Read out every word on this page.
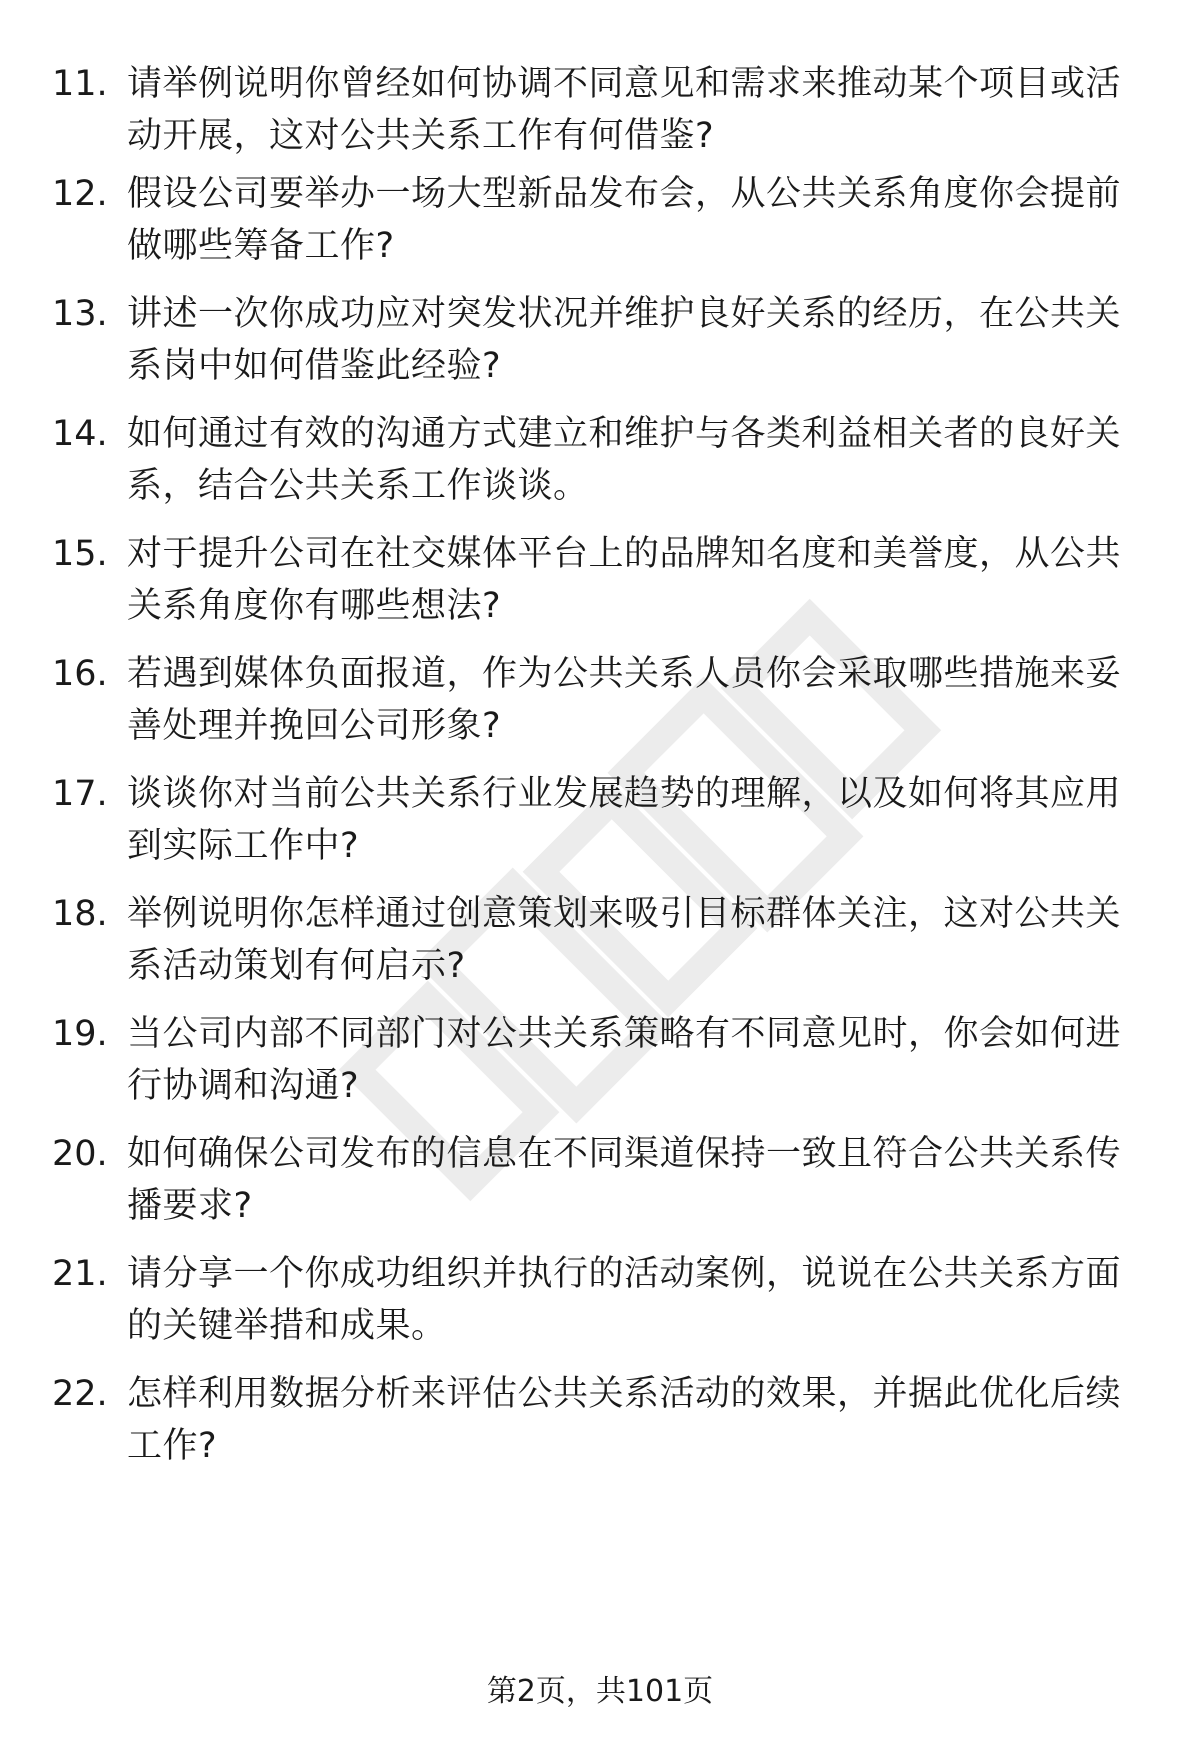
11. 请举例说明你曾经如何协调不同意见和需求来推动某个项目或活动开展，这对公共关系工作有何借鉴?
12. 假设公司要举办一场大型新品发布会，从公共关系角度你会提前做哪些筹备工作?
13. 讲述一次你成功应对突发状况并维护良好关系的经历，在公共关系岗中如何借鉴此经验?
14. 如何通过有效的沟通方式建立和维护与各类利益相关者的良好关系，结合公共关系工作谈谈。
15. 对于提升公司在社交媒体平台上的品牌知名度和美誉度，从公共关系角度你有哪些想法?
16. 若遇到媒体负面报道，作为公共关系人员你会采取哪些措施来妥善处理并挽回公司形象?
17. 谈谈你对当前公共关系行业发展趋势的理解，以及如何将其应用到实际工作中?
18. 举例说明你怎样通过创意策划来吸引目标群体关注，这对公共关系活动策划有何启示?
19. 当公司内部不同部门对公共关系策略有不同意见时，你会如何进行协调和沟通?
20. 如何确保公司发布的信息在不同渠道保持一致且符合公共关系传播要求?
21. 请分享一个你成功组织并执行的活动案例，说说在公共关系方面的关键举措和成果。
22. 怎样利用数据分析来评估公共关系活动的效果，并据此优化后续工作?
第2页，共101页
